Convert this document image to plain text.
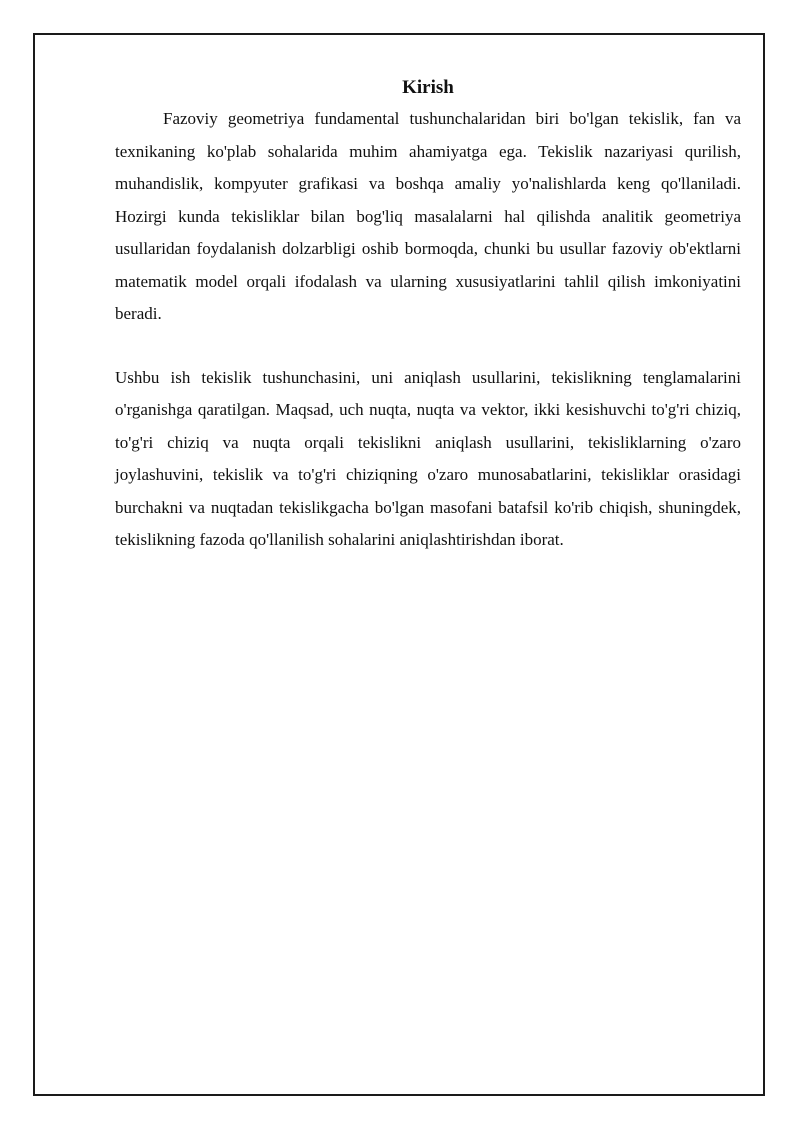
Kirish

Fazoviy geometriya fundamental tushunchalaridan biri bo'lgan tekislik, fan va texnikaning ko'plab sohalarida muhim ahamiyatga ega. Tekislik nazariyasi qurilish, muhandislik, kompyuter grafikasi va boshqa amaliy yo'nalishlarda keng qo'llaniladi. Hozirgi kunda tekisliklar bilan bog'liq masalalarni hal qilishda analitik geometriya usullaridan foydalanish dolzarbligi oshib bormoqda, chunki bu usullar fazoviy ob'ektlarni matematik model orqali ifodalash va ularning xususiyatlarini tahlil qilish imkoniyatini beradi.

Ushbu ish tekislik tushunchasini, uni aniqlash usullarini, tekislikning tenglamalarini o'rganishga qaratilgan. Maqsad, uch nuqta, nuqta va vektor, ikki kesishuvchi to'g'ri chiziq, to'g'ri chiziq va nuqta orqali tekislikni aniqlash usullarini, tekisliklarning o'zaro joylashuvini, tekislik va to'g'ri chiziqning o'zaro munosabatlarini, tekisliklar orasidagi burchakni va nuqtadan tekislikgacha bo'lgan masofani batafsil ko'rib chiqish, shuningdek, tekislikning fazoda qo'llanilish sohalarini aniqlashtirishdan iborat.
